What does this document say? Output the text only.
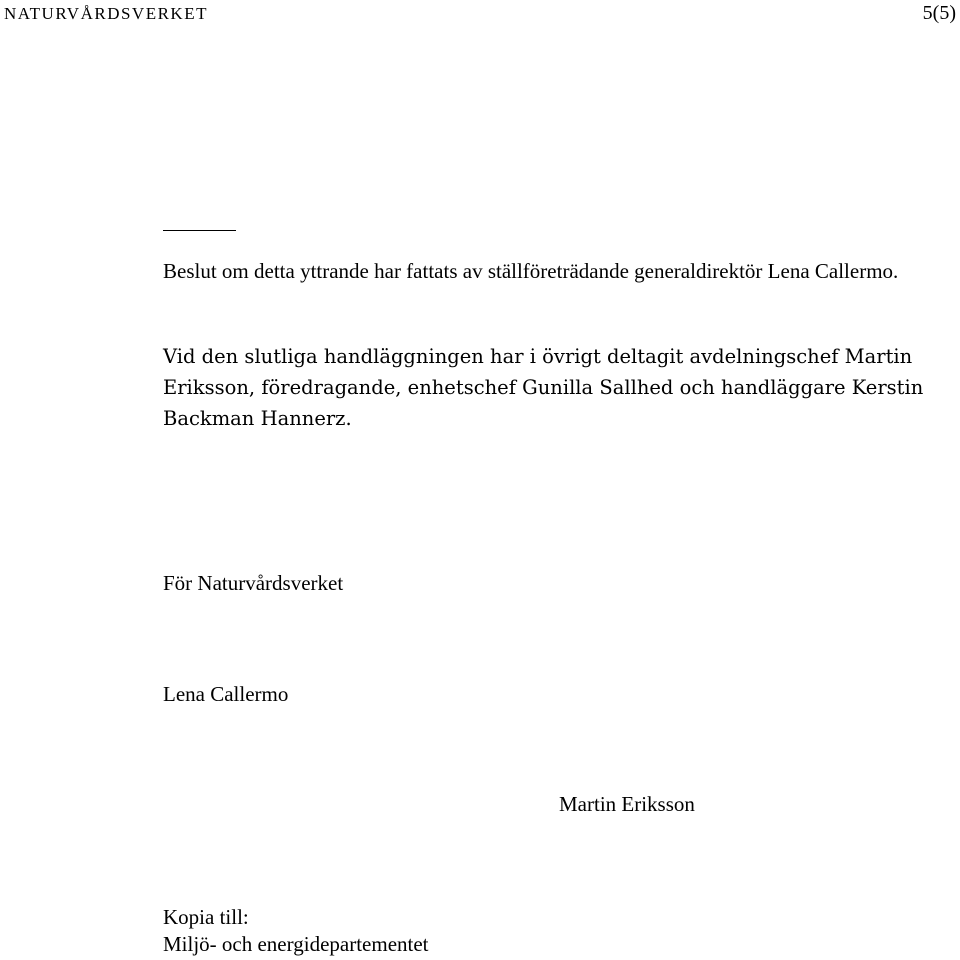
NATURVÅRDSVERKET	5(5)

Beslut om detta yttrande har fattats av ställföreträdande generaldirektör Lena Callermo.

Vid den slutliga handläggningen har i övrigt deltagit avdelningschef Martin Eriksson, föredragande, enhetschef Gunilla Sallhed och handläggare Kerstin Backman Hannerz.

För Naturvårdsverket
Lena Callermo
Martin Eriksson
Kopia till:
Miljö- och energidepartementet
